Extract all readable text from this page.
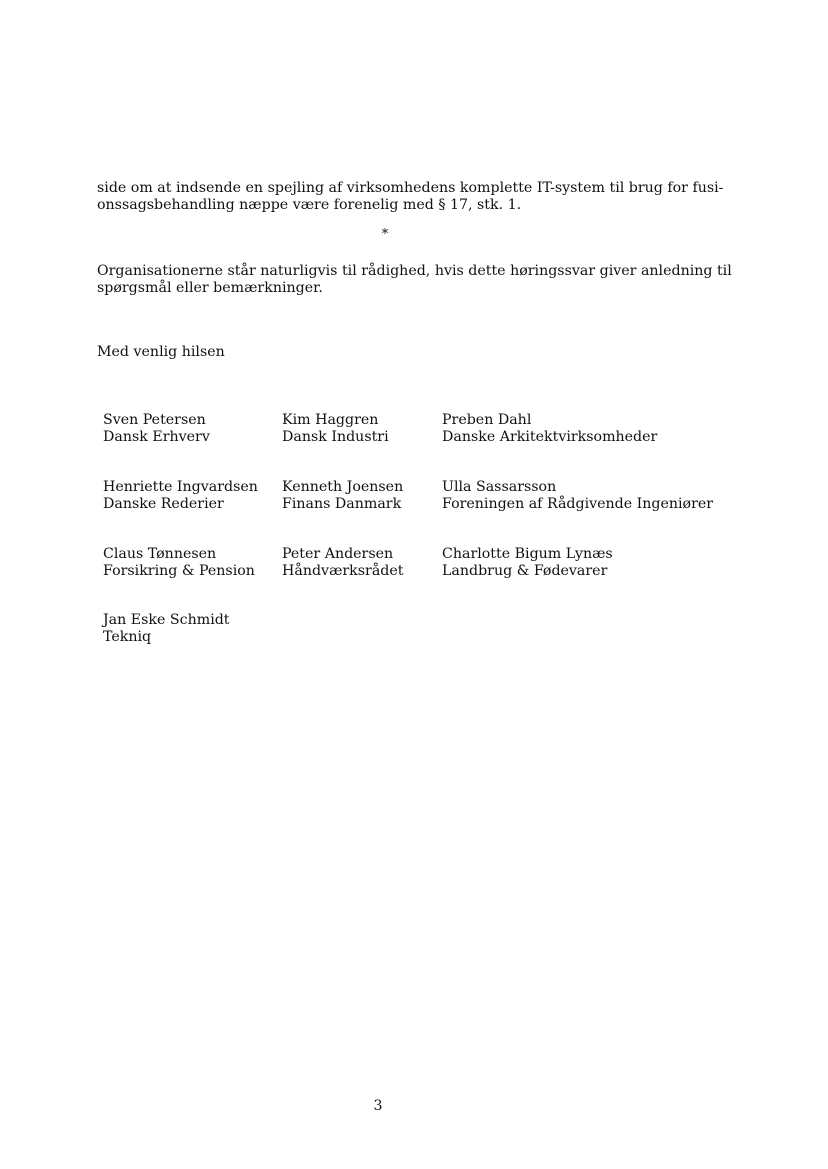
side om at indsende en spejling af virksomhedens komplette IT-system til brug for fusi-
onssagsbehandling næppe være forenelig med § 17, stk. 1.

*

Organisationerne står naturligvis til rådighed, hvis dette høringssvar giver anledning til
spørgsmål eller bemærkninger.

Med venlig hilsen
Sven Petersen
Dansk Erhverv
Kim Haggren
Dansk Industri
Preben Dahl
Danske Arkitektvirksomheder
Henriette Ingvardsen
Danske Rederier
Kenneth Joensen
Finans Danmark
Ulla Sassarsson
Foreningen af Rådgivende Ingeniører
Claus Tønnesen
Forsikring & Pension
Peter Andersen
Håndværksrådet
Charlotte Bigum Lynæs
Landbrug & Fødevarer
Jan Eske Schmidt
Tekniq
3
